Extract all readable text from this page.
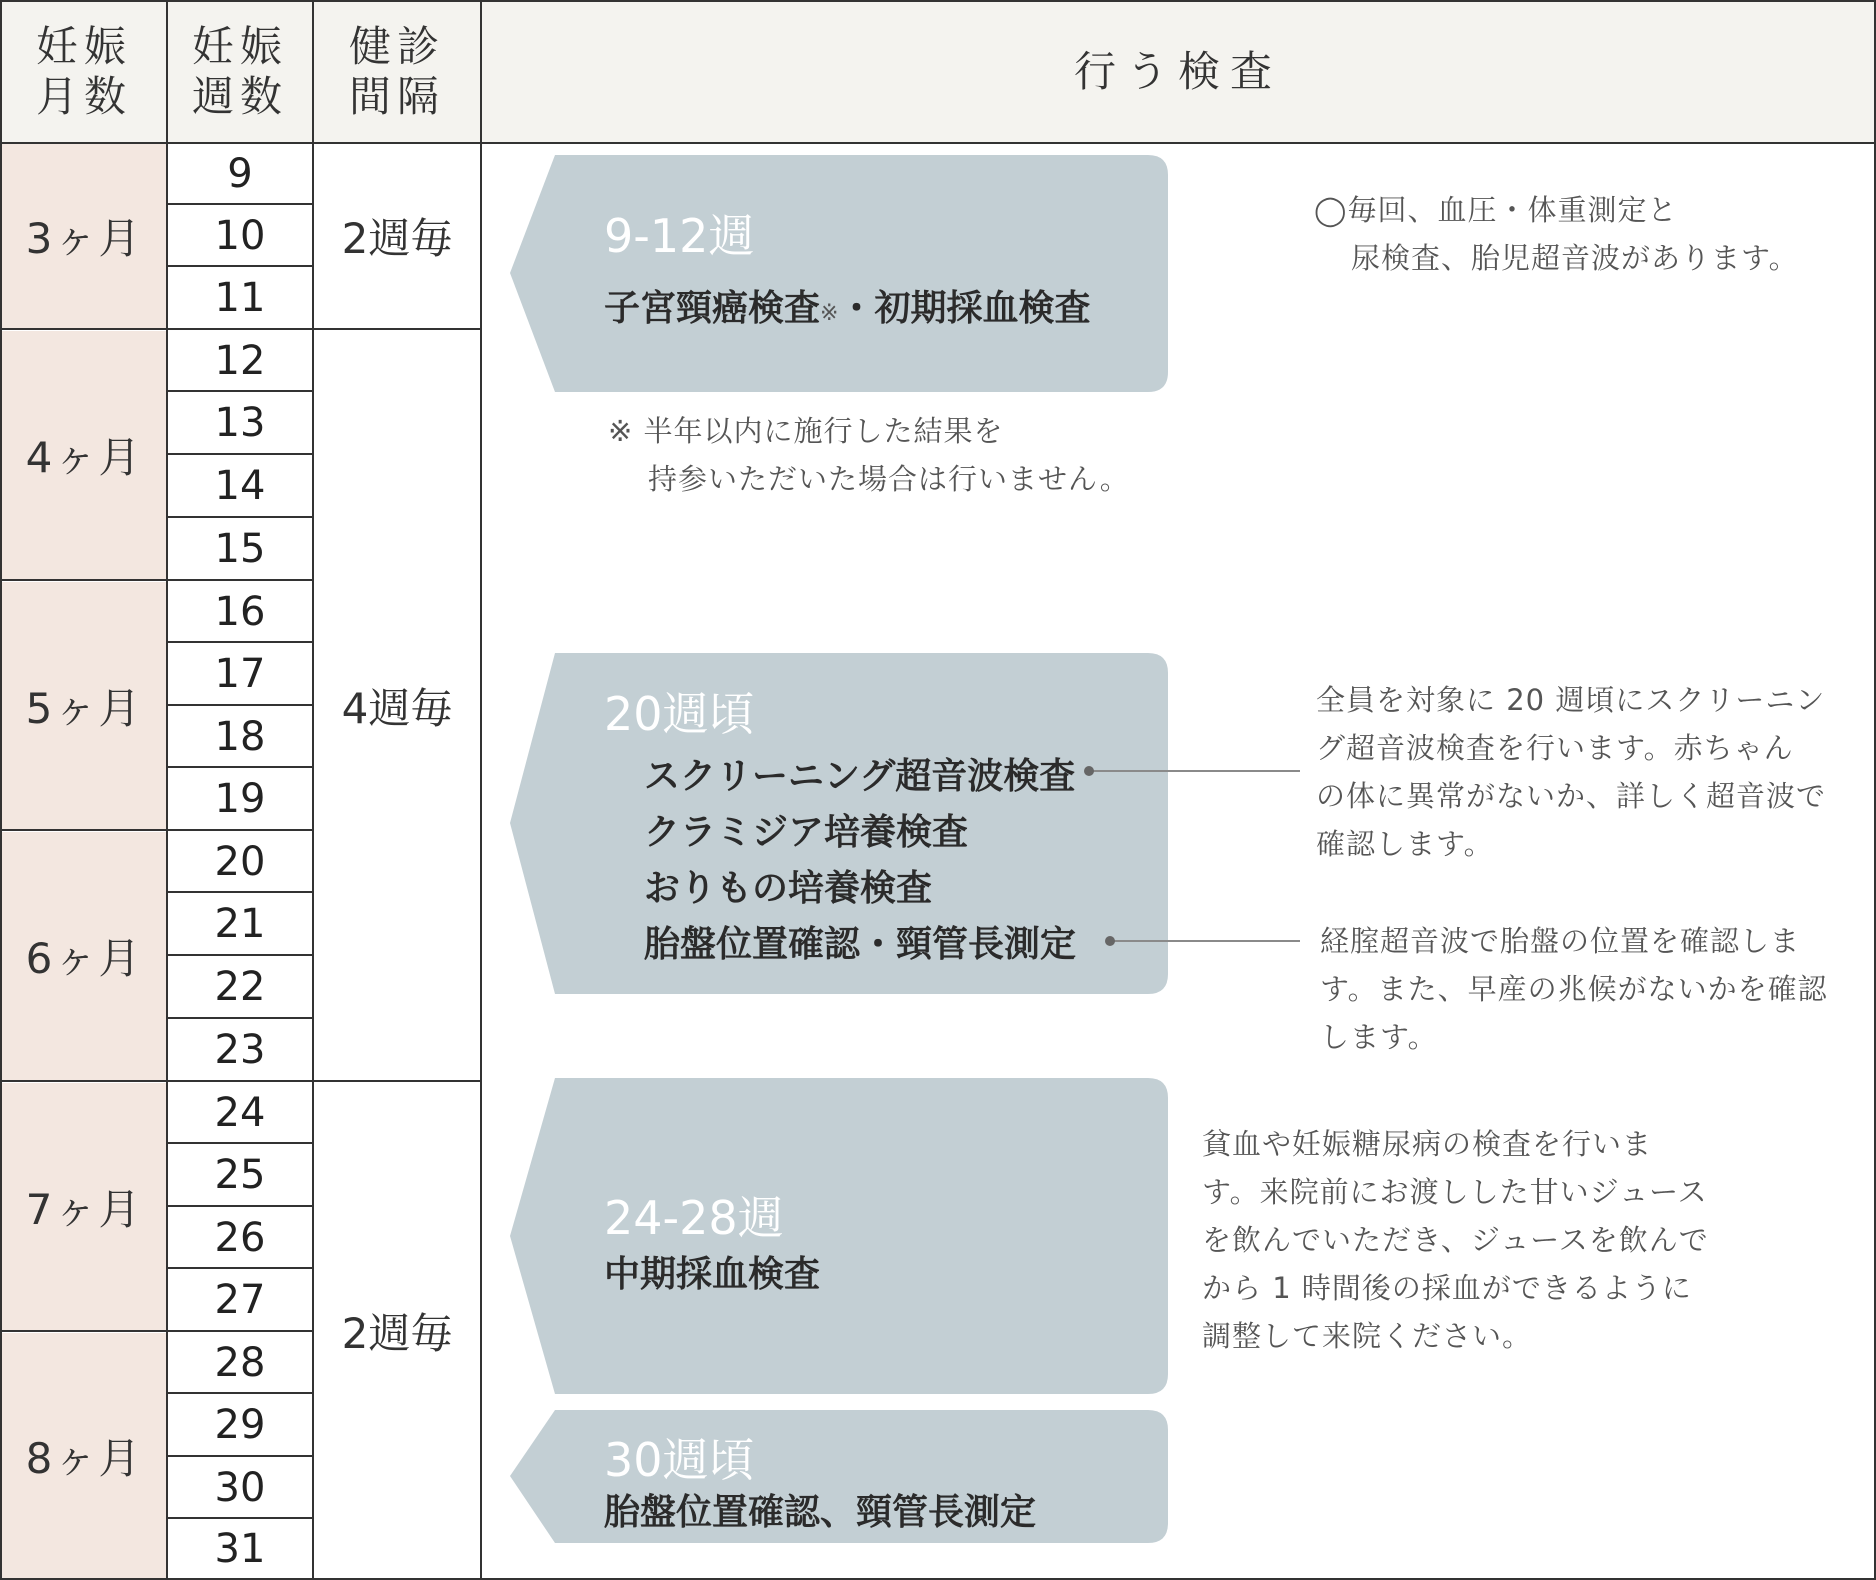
妊娠
月数
妊娠
週数
健診
間隔
行う検査
3ヶ月
4ヶ月
5ヶ月
6ヶ月
7ヶ月
8ヶ月
9
10
11
12
13
14
15
16
17
18
19
20
21
22
23
24
25
26
27
28
29
30
31
2週毎
4週毎
2週毎
9-12週
子宮頸癌検査※・初期採血検査
※ 半年以内に施行した結果を
持参いただいた場合は行いません。
◯毎回、血圧・体重測定と
尿検査、胎児超音波があります。
20週頃
スクリーニング超音波検査
クラミジア培養検査
おりもの培養検査
胎盤位置確認・頸管長測定
全員を対象に 20 週頃にスクリーニン
グ超音波検査を行います。赤ちゃん
の体に異常がないか、詳しく超音波で
確認します。
経腟超音波で胎盤の位置を確認しま
す。また、早産の兆候がないかを確認
します。
24-28週
中期採血検査
貧血や妊娠糖尿病の検査を行いま
す。来院前にお渡しした甘いジュース
を飲んでいただき、ジュースを飲んで
から 1 時間後の採血ができるように
調整して来院ください。
30週頃
胎盤位置確認、頸管長測定
